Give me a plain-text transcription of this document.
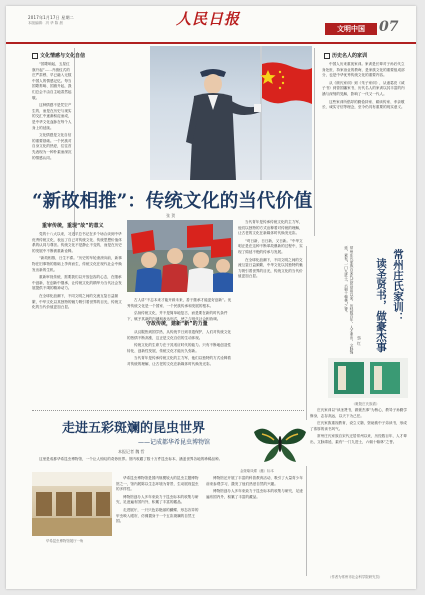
2017年1月17日 星期二
本版编辑：冯 华 陈 晨	人民日报
文明中国	07
文化情感与文化自信

“国歌响起，五星红旗升起”……升旗仪式的庄严肃穆，早已融入无数中国人的情感记忆。每当国歌奏响、国旗升起，我们总会不由自主地肃然起敬。

这种情感不是凭空产生的，而是在历史与现实的交汇中逐渐积淀而成，是中华文化血脉在每个人身上的延续。

文化情感是文化自信的重要基础。一个民族对自身文化的热爱，往往首先表现为一种朴素而深沉的情感认同。

历史名人的家训

中国人历来重视家训。家训是长辈对子孙后代立身处世、持家治业的教诲，是家族文化的重要组成部分，也是中华优秀传统文化的重要内容。

从《颜氏家训》到《朱子家训》，从诸葛亮《诫子书》到曾国藩家书，历代名人的家训以其丰富的内涵与深刻的见解，影响了一代又一代人。

这些家训所倡导的勤俭持家、耕读传家、孝亲敬长、诚实守信等理念，至今仍具有重要的现实意义。

“新故相推”：传统文化的当代价值
张 贺
重审传统，重现“故”的意义

党的十八大以来，习近平总书记在多个场合谈到中华优秀传统文化，表达了自己对传统文化、传统思想价值体系的认同与尊崇。传统文化不是静止不变的，而是在历史的发展中不断被重新诠释。

“新故相推，日生不滞。”历史的车轮滚滚向前，新事物在旧事物的基础上孕育而生，传统文化在现代社会中焕发出新的生机。

重新审视传统，需要我们以开放包容的心态，在继承中创新，在创新中继承，让传统文化的精华为当代社会发展提供不竭的精神动力。

在全球化浪潮下，不同文明之间的交流互鉴日益频繁，中华文化以其独特的魅力吸引着世界的目光，传统文化的当代价值更加凸显。

古人讲“不忘本来才能开辟未来，善于继承才能更好创新”。优秀传统文化是一个国家、一个民族传承和发展的根本。

弘扬传统文化，并不是简单地复古，而是要在新的时代条件下，赋予其新的内涵和表达形式，使之与现代社会相协调。

守故传统，建新“新”的力量

从汉服热到国学热，从传统节日到非遗保护，人们对传统文化的热情不断高涨，这正是文化自信的生动体现。

传统文化的生命力在于其适应时代的能力。只有不断地创造性转化、创新性发展，传统文化才能历久弥新。

当代青年是传承传统文化的主力军，他们以独特的方式诠释着对传统的理解，让古老的文化在新媒体时代焕发光彩。

当代青年是传承传统文化的主力军，他们以独特的方式诠释着对传统的理解，让古老的文化在新媒体时代焕发光彩。

“苟日新，日日新，又日新。”中华文明正是在这种不断革故鼎新的过程中，实现了绵延不绝的传承与发展。

在全球化浪潮下，不同文明之间的交流互鉴日益频繁，中华文化以其独特的魅力吸引着世界的目光，传统文化的当代价值更加凸显。	常州庄氏家训：
读圣贤书，做豪杰事
蔡 红

常州庄氏家族自宋代迁居常州以来，历经数百年，人才辈出，文脉绵延，素有“一门九进士，六朝十翰林”之誉。

《毗陵庄氏族谱》

庄氏家训以“读圣贤书，做豪杰事”为核心，教导子孙勤学修身，志存高远，以天下为己任。

庄氏家族重视教育，设立义塾，资助族中子弟读书，形成了浓厚的读书风气。

常州庄氏家族自宋代迁居常州以来，历经数百年，人才辈出，文脉绵延，素有“一门九进士，六朝十翰林”之誉。

（作者为常州市社会科学院研究员）
走进五彩斑斓的昆虫世界
——记成都华希昆虫博物馆
本报记者 魏 哲

这里是成都华希昆虫博物馆，一个让人惊叹的奇妙世界。馆内收藏了数十万件昆虫标本，涵盖世界各地的珍稀品种。

华希昆虫博物馆展厅一角

华希昆虫博物馆是国内规模较大的昆虫主题博物馆之一，馆内展陈以生态环境为背景，生动展现昆虫的多样性。

博物馆创办人多年来致力于昆虫标本的收集与研究，足迹遍布国内外，积累了丰富的藏品。

走进展厅，一只只色彩艳丽的蝴蝶、形态各异的甲虫映入眼帘，仿佛置身于一个五彩斑斓的自然王国。

博物馆还开展了丰富的科普教育活动，吸引了大量青少年前来参观学习，激发了他们热爱自然的兴趣。

博物馆创办人多年来致力于昆虫标本的收集与研究，足迹遍布国内外，积累了丰富的藏品。

金斑喙凤蝶（雌）标本
